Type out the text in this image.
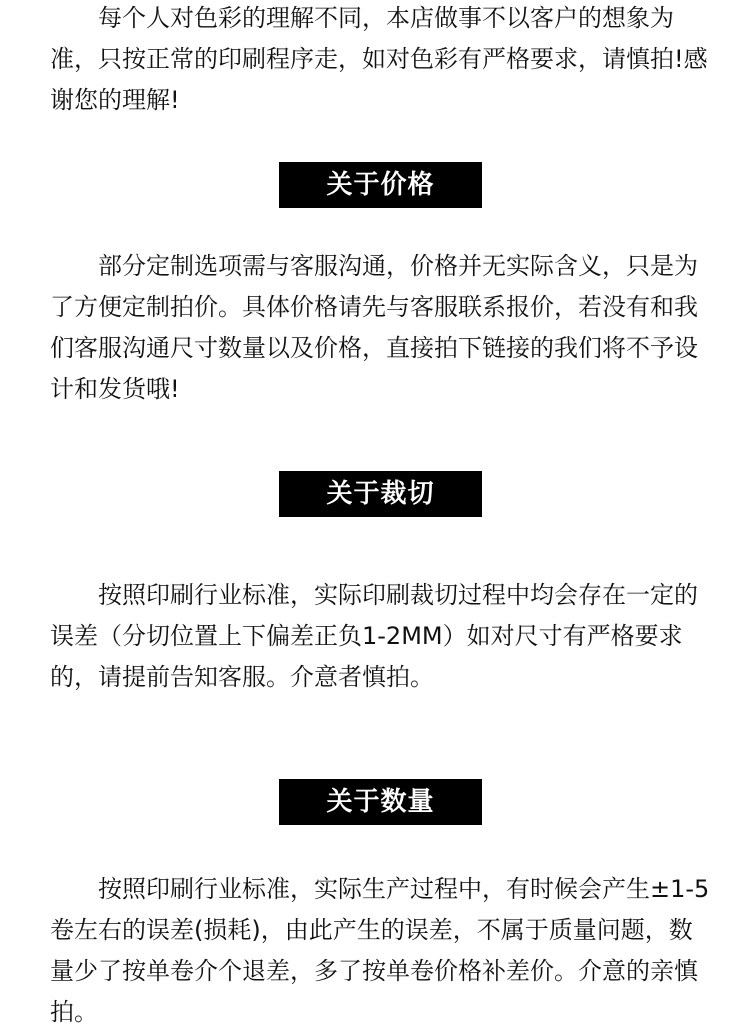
每个人对色彩的理解不同，本店做事不以客户的想象为准，只按正常的印刷程序走，如对色彩有严格要求，请慎拍!感谢您的理解!

关于价格

部分定制选项需与客服沟通，价格并无实际含义，只是为了方便定制拍价。具体价格请先与客服联系报价，若没有和我们客服沟通尺寸数量以及价格，直接拍下链接的我们将不予设计和发货哦!

关于裁切

按照印刷行业标准，实际印刷裁切过程中均会存在一定的误差（分切位置上下偏差正负1-2MM）如对尺寸有严格要求的，请提前告知客服。介意者慎拍。

关于数量

按照印刷行业标准，实际生产过程中，有时候会产生±1-5卷左右的误差(损耗)，由此产生的误差，不属于质量问题，数量少了按单卷介个退差，多了按单卷价格补差价。介意的亲慎拍。
